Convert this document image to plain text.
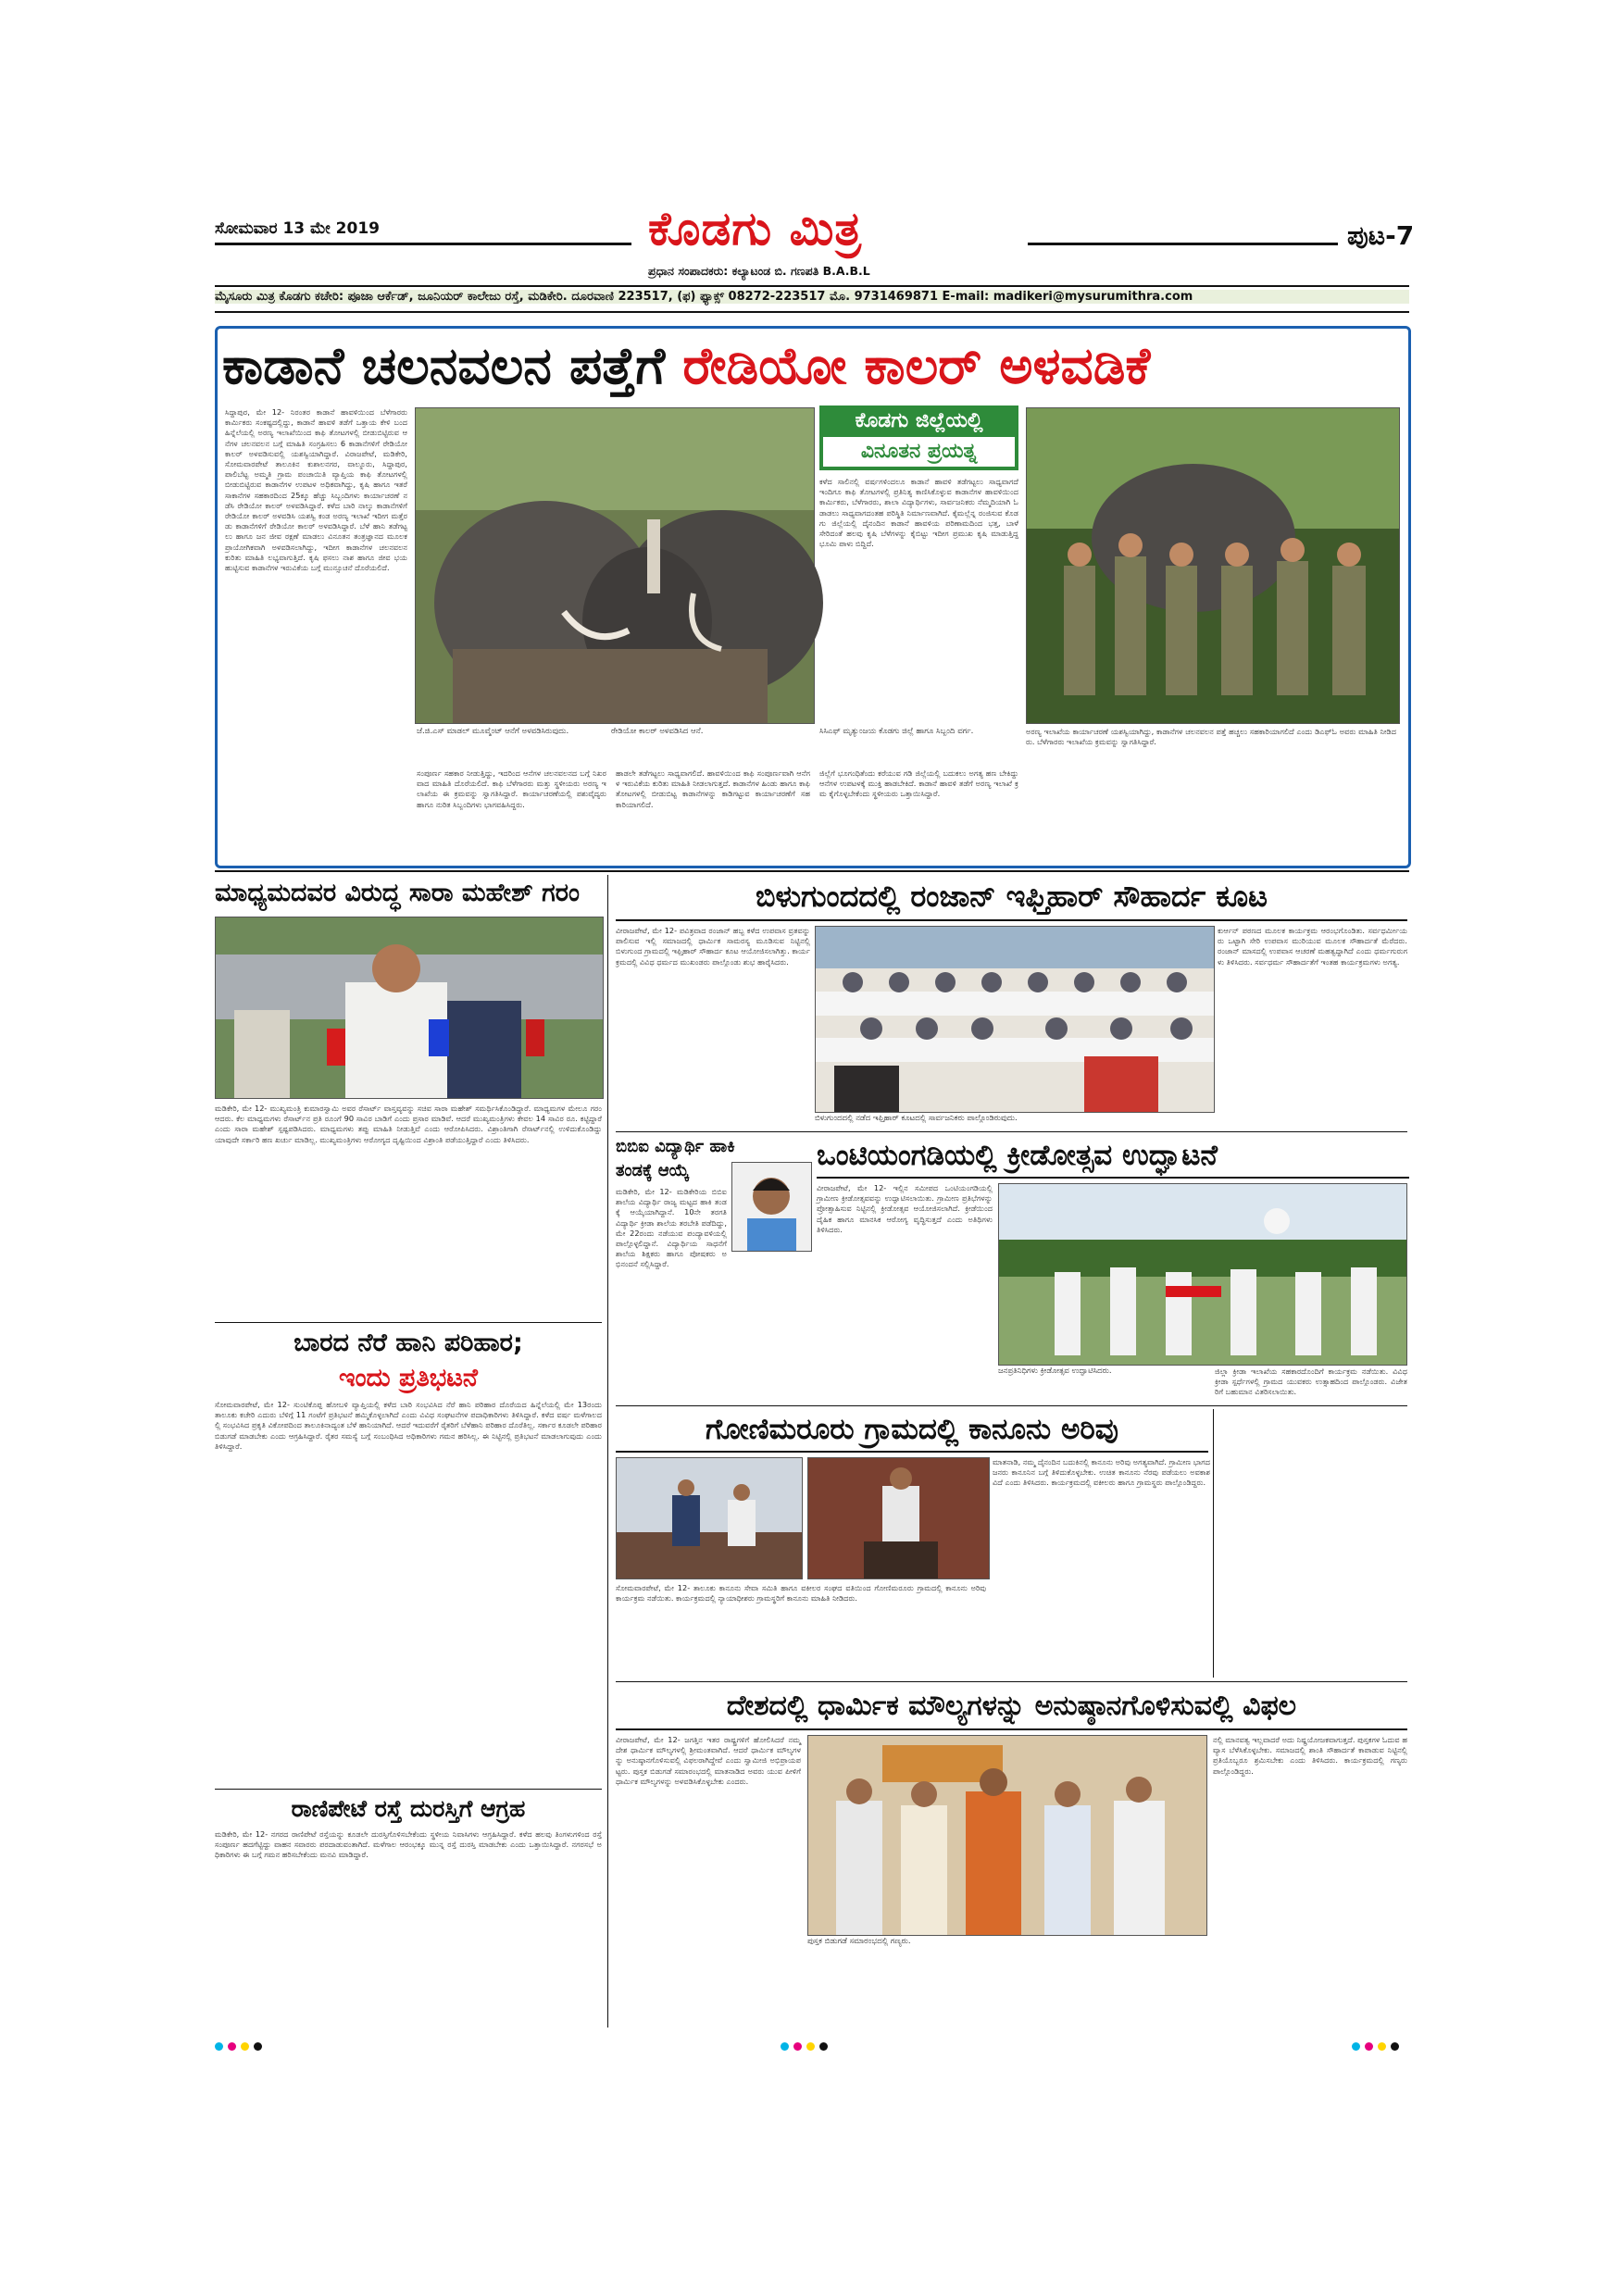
ಸೋಮವಾರ 13 ಮೇ 2019	ಕೊಡಗು ಮಿತ್ರ	ಪುಟ-7
ಪ್ರಧಾನ ಸಂಪಾದಕರು: ಕಲ್ಯಾಟಂಡ ಬಿ. ಗಣಪತಿ B.A.B.L
ಮೈಸೂರು ಮಿತ್ರ ಕೊಡಗು ಕಚೇರಿ: ಪೂಜಾ ಆರ್ಕೆಡ್, ಜೂನಿಯರ್ ಕಾಲೇಜು ರಸ್ತೆ, ಮಡಿಕೇರಿ. ದೂರವಾಣಿ 223517, (ಫ) ಫ್ಯಾಕ್ಸ್ 08272-223517 ಮೊ. 9731469871 E-mail: madikeri@mysurumithra.com
ಕಾಡಾನೆ ಚಲನವಲನ ಪತ್ತೆಗೆ ರೇಡಿಯೋ ಕಾಲರ್ ಅಳವಡಿಕೆ
ಸಿದ್ದಾಪುರ, ಮೇ 12- ನಿರಂತರ ಕಾಡಾನೆ ಹಾವಳಿಯಿಂದ ಬೆಳೆಗಾರರು ಕಾರ್ಮಿಕರು ಸಂಕಷ್ಟದಲ್ಲಿದ್ದು, ಕಾಡಾನೆ ಹಾವಳಿ ತಡೆಗೆ ಒತ್ತಾಯ ಕೇಳಿ ಬಂದ ಹಿನ್ನೆಲೆಯಲ್ಲಿ ಅರಣ್ಯ ಇಲಾಖೆಯಿಂದ ಕಾಫಿ ತೋಟಗಳಲ್ಲಿ ಬೀಡುಬಿಟ್ಟಿರುವ ಆನೆಗಳ ಚಲನವಲನ ಬಗ್ಗೆ ಮಾಹಿತಿ ಸಂಗ್ರಹಿಸಲು 6 ಕಾಡಾನೆಗಳಿಗೆ ರೇಡಿಯೋ ಕಾಲರ್ ಅಳವಡಿಸುವಲ್ಲಿ ಯಶಸ್ವಿಯಾಗಿದ್ದಾರೆ. ವಿರಾಜಪೇಟೆ, ಮಡಿಕೇರಿ, ಸೋಮವಾರಪೇಟೆ ತಾಲೂಕಿನ ಕುಶಾಲನಗರ, ವಾಲ್ನೂರು, ಸಿದ್ದಾಪುರ, ಪಾಲಿಬೆಟ್ಟ ಅಮ್ಮತಿ ಗ್ರಾಮ ಪಂಚಾಯಿತಿ ವ್ಯಾಪ್ತಿಯ ಕಾಫಿ ತೋಟಗಳಲ್ಲಿ ಬೀಡುಬಿಟ್ಟಿರುವ ಕಾಡಾನೆಗಳ ಉಪಟಳ ಅಧಿಕವಾಗಿದ್ದು, ಕೃಷಿ ಹಾಗೂ ಇತರೆ ಸಾಕಾನೆಗಳ ಸಹಕಾರದಿಂದ 25ಕ್ಕೂ ಹೆಚ್ಚು ಸಿಬ್ಬಂದಿಗಳು ಕಾರ್ಯಾಚರಣೆ ನಡೆಸಿ ರೇಡಿಯೋ ಕಾಲರ್ ಅಳವಡಿಸಿದ್ದಾರೆ. ಕಳೆದ ಬಾರಿ ನಾಲ್ಕು ಕಾಡಾನೆಗಳಿಗೆ ರೇಡಿಯೋ ಕಾಲರ್ ಅಳವಡಿಸಿ ಯಶಸ್ವಿ ಕಂಡ ಅರಣ್ಯ ಇಲಾಖೆ ಇದೀಗ ಮತ್ತೆರಡು ಕಾಡಾನೆಗಳಿಗೆ ರೇಡಿಯೋ ಕಾಲರ್ ಅಳವಡಿಸಿದ್ದಾರೆ. ಬೆಳೆ ಹಾನಿ ತಡೆಗಟ್ಟಲು ಹಾಗೂ ಜನ ಜೀವ ರಕ್ಷಣೆ ಮಾಡಲು ವಿನೂತನ ತಂತ್ರಜ್ಞಾನದ ಮೂಲಕ ಪ್ರಾಯೋಗಿಕವಾಗಿ ಅಳವಡಿಸಲಾಗಿದ್ದು, ಇದೀಗ ಕಾಡಾನೆಗಳ ಚಲನವಲನ ಕುರಿತು ಮಾಹಿತಿ ಲಭ್ಯವಾಗುತ್ತಿದೆ. ಕೃಷಿ ಫಸಲು ನಾಶ ಹಾಗೂ ಜೀವ ಭಯ ಹುಟ್ಟಿಸುವ ಕಾಡಾನೆಗಳ ಇರುವಿಕೆಯ ಬಗ್ಗೆ ಮುನ್ಸೂಚನೆ ದೊರೆಯಲಿದೆ.
ಜೆ.ಜಿ.ಎಸ್ ಮಾಡಲ್ ಮೂವ್ಮೆಂಟ್ ಆನೆಗೆ ಅಳವಡಿಸಿರುವುದು.	ರೇಡಿಯೋ ಕಾಲರ್ ಅಳವಡಿಸಿದ ಆನೆ.
ಸಂಪೂರ್ಣ ಸಹಕಾರ ನೀಡುತ್ತಿದ್ದು, ಇದರಿಂದ ಆನೆಗಳ ಚಲನವಲನದ ಬಗ್ಗೆ ನಿಖರವಾದ ಮಾಹಿತಿ ದೊರೆಯಲಿದೆ. ಕಾಫಿ ಬೆಳೆಗಾರರು ಮತ್ತು ಸ್ಥಳೀಯರು ಅರಣ್ಯ ಇಲಾಖೆಯ ಈ ಕ್ರಮವನ್ನು ಸ್ವಾಗತಿಸಿದ್ದಾರೆ. ಕಾರ್ಯಾಚರಣೆಯಲ್ಲಿ ಪಶುವೈದ್ಯರು ಹಾಗೂ ನುರಿತ ಸಿಬ್ಬಂದಿಗಳು ಭಾಗವಹಿಸಿದ್ದರು.
ಹಾಡಲೇ ತಡೆಗಟ್ಟಲು ಸಾಧ್ಯವಾಗಲಿದೆ. ಹಾವಳಿಯಿಂದ ಕಾಫಿ ಸಂಪೂರ್ಣವಾಗಿ ಆನೆಗಳ ಇರುವಿಕೆಯ ಕುರಿತು ಮಾಹಿತಿ ನೀಡಲಾಗುತ್ತದೆ. ಕಾಡಾನೆಗಳ ಹಿಂಡು ಹಾಗೂ ಕಾಫಿ ತೋಟಗಳಲ್ಲಿ ಬೀಡುಬಿಟ್ಟ ಕಾಡಾನೆಗಳನ್ನು ಕಾಡಿಗಟ್ಟುವ ಕಾರ್ಯಾಚರಣೆಗೆ ಸಹಕಾರಿಯಾಗಲಿದೆ.
ಕೊಡಗು ಜಿಲ್ಲೆಯಲ್ಲಿ
ವಿನೂತನ ಪ್ರಯತ್ನ
ಕಳೆದ ಸಾಲಿನಲ್ಲಿ ವರ್ಷಗಳಿಂದಲೂ ಕಾಡಾನೆ ಹಾವಳಿ ತಡೆಗಟ್ಟಲು ಸಾಧ್ಯವಾಗದೆ ಇಂದಿಗೂ ಕಾಫಿ ತೋಟಗಳಲ್ಲಿ ಪ್ರತಿನಿತ್ಯ ಕಾಣಿಸಿಕೊಳ್ಳುವ ಕಾಡಾನೆಗಳ ಹಾವಳಿಯಿಂದ ಕಾರ್ಮಿಕರು, ಬೆಳೆಗಾರರು, ಶಾಲಾ ವಿದ್ಯಾರ್ಥಿಗಳು, ಸಾರ್ವಜನಿಕರು ನೆಮ್ಮದಿಯಾಗಿ ಓಡಾಡಲು ಸಾಧ್ಯವಾಗದಂತಹ ಪರಿಸ್ಥಿತಿ ನಿರ್ಮಾಣವಾಗಿದೆ. ಕೈಮಲ್ಲೆನ್ನ ರಂಜಿಸುವ ಕೊಡಗು ಜಿಲ್ಲೆಯಲ್ಲಿ ದೈನಂದಿನ ಕಾಡಾನೆ ಹಾವಳಿಯ ಪರಿಣಾಮದಿಂದ ಭತ್ತ, ಬಾಳೆ ಸೇರಿದಂತೆ ಹಲವು ಕೃಷಿ ಬೆಳೆಗಳನ್ನು ಕೈಬಿಟ್ಟು ಇದೀಗ ಪ್ರಮುಖ ಕೃಷಿ ಮಾಡುತ್ತಿದ್ದ ಭೂಮಿ ಪಾಳು ಬಿದ್ದಿದೆ.
ಸಿಸಿಎಫ್ ಮೃತ್ಯುಂಜಯ ಕೊಡಗು ಜಿಲ್ಲೆ ಹಾಗೂ ಸಿಬ್ಬಂದಿ ವರ್ಗ.
ಜಿಲ್ಲೆಗೆ ಭೂಗಂಧಿತೆಂದು ಕರೆಯುವ ಗಡಿ ಜಿಲ್ಲೆಯಲ್ಲಿ ಬದುಕಲು ಅಗತ್ಯ ಹಣ ಬೇಕಿದ್ದು ಆನೆಗಳ ಉಪಟಳಕ್ಕೆ ಮುಕ್ತಿ ಹಾಡಬೇಕಿದೆ. ಕಾಡಾನೆ ಹಾವಳಿ ತಡೆಗೆ ಅರಣ್ಯ ಇಲಾಖೆ ಕ್ರಮ ಕೈಗೊಳ್ಳಬೇಕೆಂದು ಸ್ಥಳೀಯರು ಒತ್ತಾಯಿಸಿದ್ದಾರೆ.
ಅರಣ್ಯ ಇಲಾಖೆಯ ಕಾರ್ಯಾಚರಣೆ ಯಶಸ್ವಿಯಾಗಿದ್ದು, ಕಾಡಾನೆಗಳ ಚಲನವಲನ ಪತ್ತೆ ಹಚ್ಚಲು ಸಹಕಾರಿಯಾಗಲಿದೆ ಎಂದು ಡಿಎಫ್‌ಓ ಅವರು ಮಾಹಿತಿ ನೀಡಿದರು. ಬೆಳೆಗಾರರು ಇಲಾಖೆಯ ಕ್ರಮವನ್ನು ಸ್ವಾಗತಿಸಿದ್ದಾರೆ.
ಮಾಧ್ಯಮದವರ ವಿರುದ್ಧ ಸಾರಾ ಮಹೇಶ್ ಗರಂ
ಮಡಿಕೇರಿ, ಮೇ 12- ಮುಖ್ಯಮಂತ್ರಿ ಕುಮಾರಸ್ವಾಮಿ ಅವರ ರೆಸಾರ್ಟ್ ವಾಸ್ತವ್ಯವನ್ನು ಸಚಿವ ಸಾರಾ ಮಹೇಶ್ ಸಮರ್ಥಿಸಿಕೊಂಡಿದ್ದಾರೆ. ಮಾಧ್ಯಮಗಳ ಮೇಲೂ ಗರಂ ಆದರು. ಕೆಲ ಮಾಧ್ಯಮಗಳು ರೆಸಾರ್ಟ್‌ನ ಪ್ರತಿ ರೂಂಗೆ 90 ಸಾವಿರ ಬಾಡಿಗೆ ಎಂದು ಪ್ರಸಾರ ಮಾಡಿವೆ. ಆದರೆ ಮುಖ್ಯಮಂತ್ರಿಗಳು ಕೇವಲ 14 ಸಾವಿರ ರೂ. ಕಟ್ಟಿದ್ದಾರೆ ಎಂದು ಸಾರಾ ಮಹೇಶ್ ಸ್ಪಷ್ಟಪಡಿಸಿದರು. ಮಾಧ್ಯಮಗಳು ತಪ್ಪು ಮಾಹಿತಿ ನೀಡುತ್ತಿವೆ ಎಂದು ಆರೋಪಿಸಿದರು. ವಿಶ್ರಾಂತಿಗಾಗಿ ರೆಸಾರ್ಟ್‌ನಲ್ಲಿ ಉಳಿದುಕೊಂಡಿದ್ದು ಯಾವುದೇ ಸರ್ಕಾರಿ ಹಣ ಖರ್ಚು ಮಾಡಿಲ್ಲ. ಮುಖ್ಯಮಂತ್ರಿಗಳು ಆರೋಗ್ಯದ ದೃಷ್ಟಿಯಿಂದ ವಿಶ್ರಾಂತಿ ಪಡೆಯುತ್ತಿದ್ದಾರೆ ಎಂದು ತಿಳಿಸಿದರು.
ಬಾರದ ನೆರೆ ಹಾನಿ ಪರಿಹಾರ;
ಇಂದು ಪ್ರತಿಭಟನೆ
ಸೋಮವಾರಪೇಟೆ, ಮೇ 12- ಸುಂಟಿಕೊಪ್ಪ ಹೋಬಳಿ ವ್ಯಾಪ್ತಿಯಲ್ಲಿ ಕಳೆದ ಬಾರಿ ಸಂಭವಿಸಿದ ನೆರೆ ಹಾನಿ ಪರಿಹಾರ ದೊರೆಯದ ಹಿನ್ನೆಲೆಯಲ್ಲಿ ಮೇ 13ರಂದು ತಾಲೂಕು ಕಚೇರಿ ಎದುರು ಬೆಳಿಗ್ಗೆ 11 ಗಂಟೆಗೆ ಪ್ರತಿಭಟನೆ ಹಮ್ಮಿಕೊಳ್ಳಲಾಗಿದೆ ಎಂದು ವಿವಿಧ ಸಂಘಟನೆಗಳ ಪದಾಧಿಕಾರಿಗಳು ತಿಳಿಸಿದ್ದಾರೆ. ಕಳೆದ ವರ್ಷ ಮಳೆಗಾಲದಲ್ಲಿ ಸಂಭವಿಸಿದ ಪ್ರಕೃತಿ ವಿಕೋಪದಿಂದ ತಾಲೂಕಿನಾದ್ಯಂತ ಬೆಳೆ ಹಾನಿಯಾಗಿದೆ. ಆದರೆ ಇದುವರೆಗೆ ರೈತರಿಗೆ ಬೆಳೆಹಾನಿ ಪರಿಹಾರ ದೊರೆತಿಲ್ಲ. ಸರ್ಕಾರ ಕೂಡಲೇ ಪರಿಹಾರ ಬಿಡುಗಡೆ ಮಾಡಬೇಕು ಎಂದು ಆಗ್ರಹಿಸಿದ್ದಾರೆ. ರೈತರ ಸಮಸ್ಯೆ ಬಗ್ಗೆ ಸಂಬಂಧಿಸಿದ ಅಧಿಕಾರಿಗಳು ಗಮನ ಹರಿಸಿಲ್ಲ. ಈ ನಿಟ್ಟಿನಲ್ಲಿ ಪ್ರತಿಭಟನೆ ಮಾಡಲಾಗುವುದು ಎಂದು ತಿಳಿಸಿದ್ದಾರೆ.
ರಾಣಿಪೇಟೆ ರಸ್ತೆ ದುರಸ್ತಿಗೆ ಆಗ್ರಹ
ಮಡಿಕೇರಿ, ಮೇ 12- ನಗರದ ರಾಣಿಪೇಟೆ ರಸ್ತೆಯನ್ನು ಕೂಡಲೇ ದುರಸ್ತಿಗೊಳಿಸಬೇಕೆಂದು ಸ್ಥಳೀಯ ನಿವಾಸಿಗಳು ಆಗ್ರಹಿಸಿದ್ದಾರೆ. ಕಳೆದ ಹಲವು ತಿಂಗಳುಗಳಿಂದ ರಸ್ತೆ ಸಂಪೂರ್ಣ ಹದಗೆಟ್ಟಿದ್ದು ವಾಹನ ಸವಾರರು ಪರದಾಡುವಂತಾಗಿದೆ. ಮಳೆಗಾಲ ಆರಂಭಕ್ಕೂ ಮುನ್ನ ರಸ್ತೆ ದುರಸ್ತಿ ಮಾಡಬೇಕು ಎಂದು ಒತ್ತಾಯಿಸಿದ್ದಾರೆ. ನಗರಸಭೆ ಅಧಿಕಾರಿಗಳು ಈ ಬಗ್ಗೆ ಗಮನ ಹರಿಸಬೇಕೆಂದು ಮನವಿ ಮಾಡಿದ್ದಾರೆ.
ಬಿಳುಗುಂದದಲ್ಲಿ ರಂಜಾನ್ ಇಫ್ತಿಹಾರ್ ಸೌಹಾರ್ದ ಕೂಟ
ವೀರಾಜಪೇಟೆ, ಮೇ 12- ಪವಿತ್ರವಾದ ರಂಜಾನ್ ಹಬ್ಬ ಕಳೆದ ಉಪವಾಸ ವ್ರತವನ್ನು ಪಾಲಿಸುವ ಇಲ್ಲಿ ಸಮಾಜದಲ್ಲಿ ಧಾರ್ಮಿಕ ಸಾಮರಸ್ಯ ಮೂಡಿಸುವ ನಿಟ್ಟಿನಲ್ಲಿ ಬಿಳುಗುಂದ ಗ್ರಾಮದಲ್ಲಿ ಇಫ್ತಿಹಾರ್ ಸೌಹಾರ್ದ ಕೂಟ ಆಯೋಜಿಸಲಾಗಿತ್ತು. ಕಾರ್ಯಕ್ರಮದಲ್ಲಿ ವಿವಿಧ ಧರ್ಮದ ಮುಖಂಡರು ಪಾಲ್ಗೊಂಡು ಶುಭ ಹಾರೈಸಿದರು.
ಬಿಳುಗುಂದದಲ್ಲಿ ನಡೆದ ಇಫ್ತಿಹಾರ್ ಕೂಟದಲ್ಲಿ ಸಾರ್ವಜನಿಕರು ಪಾಲ್ಗೊಂಡಿರುವುದು.
ಕುರ್ಆನ್ ಪಠಣದ ಮೂಲಕ ಕಾರ್ಯಕ್ರಮ ಆರಂಭಗೊಂಡಿತು. ಸರ್ವಧರ್ಮೀಯರು ಒಟ್ಟಾಗಿ ಸೇರಿ ಉಪವಾಸ ಮುರಿಯುವ ಮೂಲಕ ಸೌಹಾರ್ದತೆ ಮೆರೆದರು. ರಂಜಾನ್ ಮಾಸದಲ್ಲಿ ಉಪವಾಸ ಆಚರಣೆ ಮಹತ್ವದ್ದಾಗಿದೆ ಎಂದು ಧರ್ಮಗುರುಗಳು ತಿಳಿಸಿದರು. ಸರ್ವಧರ್ಮ ಸೌಹಾರ್ದತೆಗೆ ಇಂತಹ ಕಾರ್ಯಕ್ರಮಗಳು ಅಗತ್ಯ.
ಬಿಬಿಐ ವಿದ್ಯಾರ್ಥಿ ಹಾಕಿ
ತಂಡಕ್ಕೆ ಆಯ್ಕೆ
ಮಡಿಕೇರಿ, ಮೇ 12- ಮಡಿಕೇರಿಯ ಬಿಬಿಐ ಶಾಲೆಯ ವಿದ್ಯಾರ್ಥಿ ರಾಜ್ಯ ಮಟ್ಟದ ಹಾಕಿ ತಂಡಕ್ಕೆ ಆಯ್ಕೆಯಾಗಿದ್ದಾನೆ. 10ನೇ ತರಗತಿ ವಿದ್ಯಾರ್ಥಿ ಕ್ರೀಡಾ ಶಾಲೆಯ ತರಬೇತಿ ಪಡೆದಿದ್ದು, ಮೇ 22ರಂದು ನಡೆಯುವ ಪಂದ್ಯಾವಳಿಯಲ್ಲಿ ಪಾಲ್ಗೊಳ್ಳಲಿದ್ದಾನೆ. ವಿದ್ಯಾರ್ಥಿಯ ಸಾಧನೆಗೆ ಶಾಲೆಯ ಶಿಕ್ಷಕರು ಹಾಗೂ ಪೋಷಕರು ಅಭಿನಂದನೆ ಸಲ್ಲಿಸಿದ್ದಾರೆ.
ಒಂಟಿಯಂಗಡಿಯಲ್ಲಿ ಕ್ರೀಡೋತ್ಸವ ಉದ್ಘಾಟನೆ
ವೀರಾಜಪೇಟೆ, ಮೇ 12- ಇಲ್ಲಿನ ಸಮೀಪದ ಒಂಟಿಯಂಗಡಿಯಲ್ಲಿ ಗ್ರಾಮೀಣ ಕ್ರೀಡೋತ್ಸವವನ್ನು ಉದ್ಘಾಟಿಸಲಾಯಿತು. ಗ್ರಾಮೀಣ ಪ್ರತಿಭೆಗಳನ್ನು ಪ್ರೋತ್ಸಾಹಿಸುವ ನಿಟ್ಟಿನಲ್ಲಿ ಕ್ರೀಡೋತ್ಸವ ಆಯೋಜಿಸಲಾಗಿದೆ. ಕ್ರೀಡೆಯಿಂದ ದೈಹಿಕ ಹಾಗೂ ಮಾನಸಿಕ ಆರೋಗ್ಯ ವೃದ್ಧಿಸುತ್ತದೆ ಎಂದು ಅತಿಥಿಗಳು ತಿಳಿಸಿದರು.
ಜನಪ್ರತಿನಿಧಿಗಳು ಕ್ರೀಡೋತ್ಸವ ಉದ್ಘಾಟಿಸಿದರು.	ಜಿಲ್ಲಾ ಕ್ರೀಡಾ ಇಲಾಖೆಯ ಸಹಕಾರದೊಂದಿಗೆ ಕಾರ್ಯಕ್ರಮ ನಡೆಯಿತು. ವಿವಿಧ ಕ್ರೀಡಾ ಸ್ಪರ್ಧೆಗಳಲ್ಲಿ ಗ್ರಾಮದ ಯುವಕರು ಉತ್ಸಾಹದಿಂದ ಪಾಲ್ಗೊಂಡರು. ವಿಜೇತರಿಗೆ ಬಹುಮಾನ ವಿತರಿಸಲಾಯಿತು.
ಗೋಣಿಮರೂರು ಗ್ರಾಮದಲ್ಲಿ ಕಾನೂನು ಅರಿವು
ಸೋಮವಾರಪೇಟೆ, ಮೇ 12- ತಾಲೂಕು ಕಾನೂನು ಸೇವಾ ಸಮಿತಿ ಹಾಗೂ ವಕೀಲರ ಸಂಘದ ವತಿಯಿಂದ ಗೋಣಿಮರೂರು ಗ್ರಾಮದಲ್ಲಿ ಕಾನೂನು ಅರಿವು ಕಾರ್ಯಕ್ರಮ ನಡೆಯಿತು. ಕಾರ್ಯಕ್ರಮದಲ್ಲಿ ನ್ಯಾಯಾಧೀಶರು ಗ್ರಾಮಸ್ಥರಿಗೆ ಕಾನೂನು ಮಾಹಿತಿ ನೀಡಿದರು.
ಮಾತನಾಡಿ, ನಮ್ಮ ದೈನಂದಿನ ಬದುಕಿನಲ್ಲಿ ಕಾನೂನು ಅರಿವು ಅಗತ್ಯವಾಗಿದೆ. ಗ್ರಾಮೀಣ ಭಾಗದ ಜನರು ಕಾನೂನಿನ ಬಗ್ಗೆ ತಿಳಿದುಕೊಳ್ಳಬೇಕು. ಉಚಿತ ಕಾನೂನು ನೆರವು ಪಡೆಯಲು ಅವಕಾಶವಿದೆ ಎಂದು ತಿಳಿಸಿದರು. ಕಾರ್ಯಕ್ರಮದಲ್ಲಿ ವಕೀಲರು ಹಾಗೂ ಗ್ರಾಮಸ್ಥರು ಪಾಲ್ಗೊಂಡಿದ್ದರು.
ದೇಶದಲ್ಲಿ ಧಾರ್ಮಿಕ ಮೌಲ್ಯಗಳನ್ನು ಅನುಷ್ಠಾನಗೊಳಿಸುವಲ್ಲಿ ವಿಫಲ
ವೀರಾಜಪೇಟೆ, ಮೇ 12- ಜಗತ್ತಿನ ಇತರ ರಾಷ್ಟ್ರಗಳಿಗೆ ಹೋಲಿಸಿದರೆ ನಮ್ಮ ದೇಶ ಧಾರ್ಮಿಕ ಮೌಲ್ಯಗಳಲ್ಲಿ ಶ್ರೀಮಂತವಾಗಿದೆ. ಆದರೆ ಧಾರ್ಮಿಕ ಮೌಲ್ಯಗಳನ್ನು ಅನುಷ್ಠಾನಗೊಳಿಸುವಲ್ಲಿ ವಿಫಲರಾಗಿದ್ದೇವೆ ಎಂದು ಸ್ವಾಮೀಜಿ ಅಭಿಪ್ರಾಯಪಟ್ಟರು. ಪುಸ್ತಕ ಬಿಡುಗಡೆ ಸಮಾರಂಭದಲ್ಲಿ ಮಾತನಾಡಿದ ಅವರು ಯುವ ಪೀಳಿಗೆ ಧಾರ್ಮಿಕ ಮೌಲ್ಯಗಳನ್ನು ಅಳವಡಿಸಿಕೊಳ್ಳಬೇಕು ಎಂದರು.
ಪುಸ್ತಕ ಬಿಡುಗಡೆ ಸಮಾರಂಭದಲ್ಲಿ ಗಣ್ಯರು.
ನಲ್ಲಿ ಮಾನವತ್ವ ಇಲ್ಲವಾದರೆ ಅದು ನಿಷ್ಪ್ರಯೋಜಕವಾಗುತ್ತದೆ. ಪುಸ್ತಕಗಳ ಓದುವ ಹವ್ಯಾಸ ಬೆಳೆಸಿಕೊಳ್ಳಬೇಕು. ಸಮಾಜದಲ್ಲಿ ಶಾಂತಿ ಸೌಹಾರ್ದತೆ ಕಾಪಾಡುವ ನಿಟ್ಟಿನಲ್ಲಿ ಪ್ರತಿಯೊಬ್ಬರೂ ಶ್ರಮಿಸಬೇಕು ಎಂದು ತಿಳಿಸಿದರು. ಕಾರ್ಯಕ್ರಮದಲ್ಲಿ ಗಣ್ಯರು ಪಾಲ್ಗೊಂಡಿದ್ದರು.
